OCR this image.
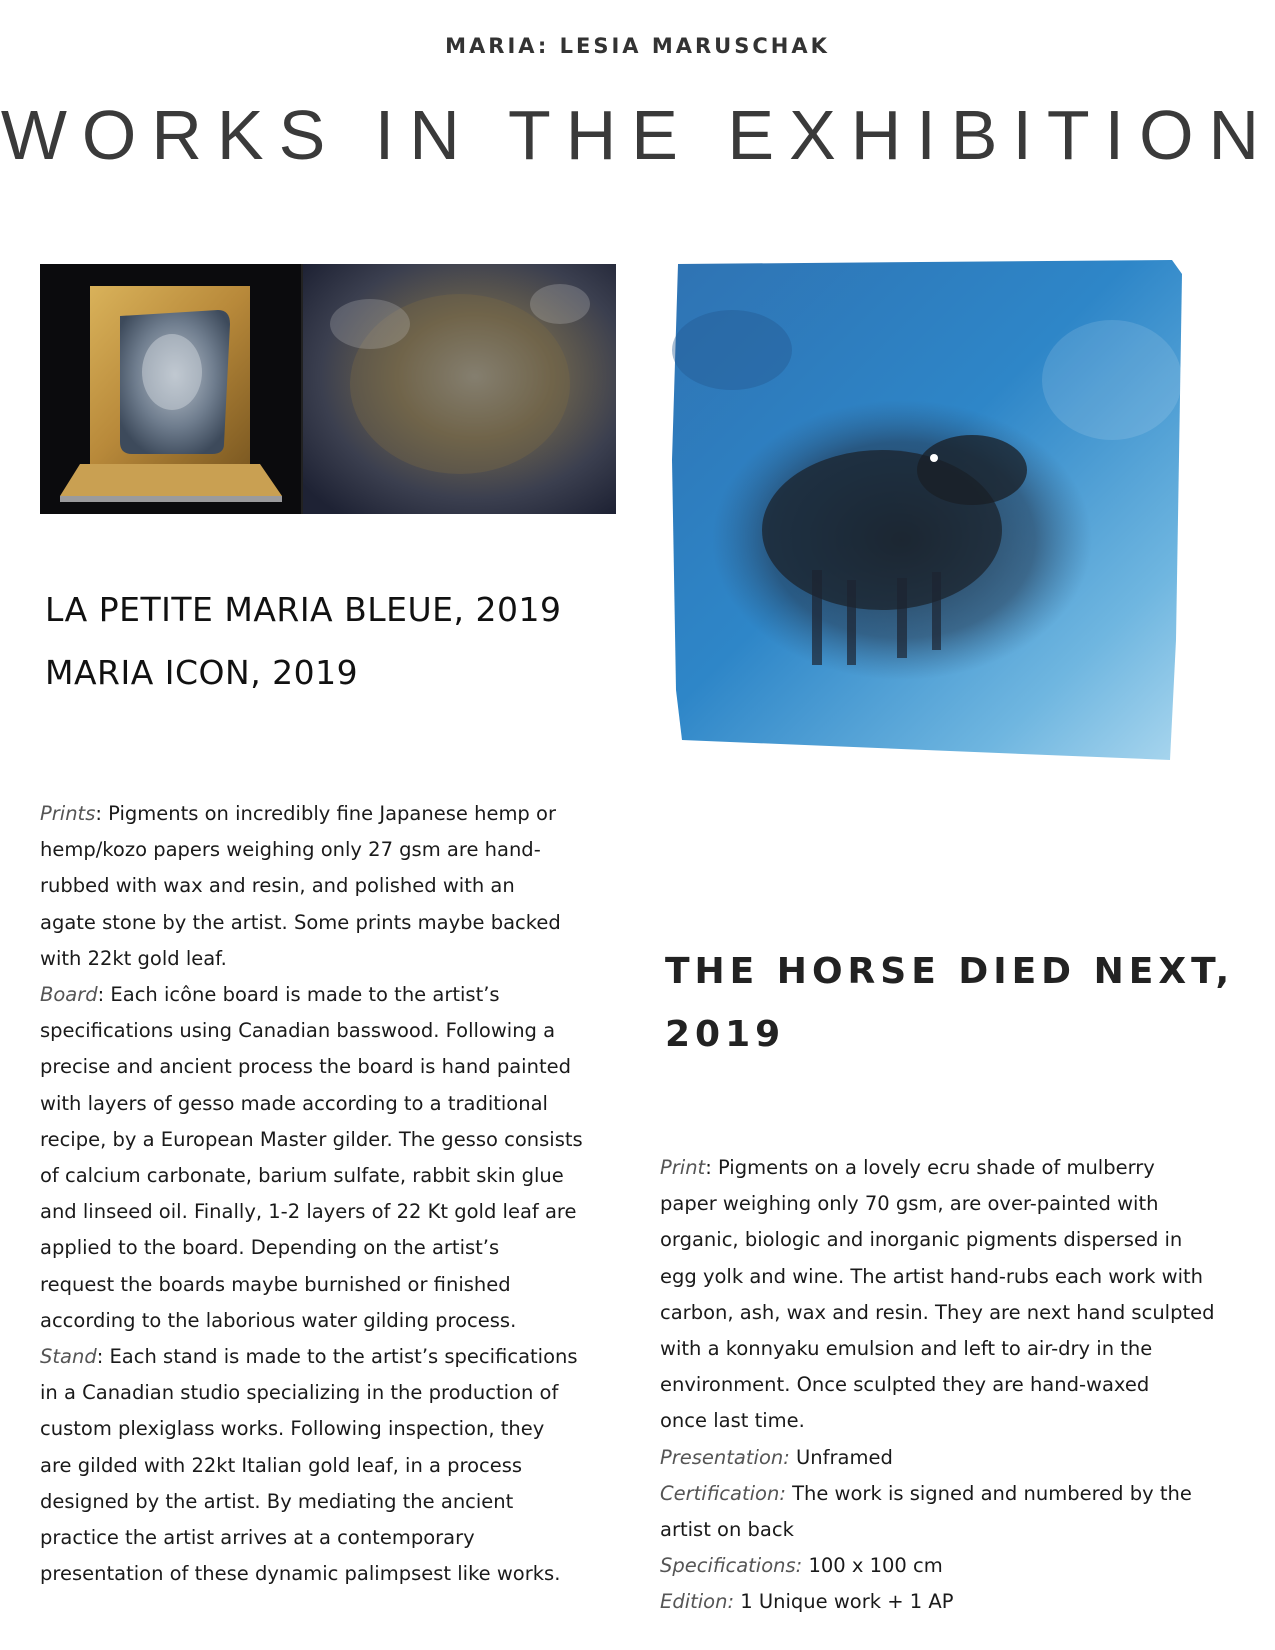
MARIA: LESIA MARUSCHAK
WORKS IN THE EXHIBITION
LA PETITE MARIA BLEUE, 2019
MARIA ICON, 2019
THE HORSE DIED NEXT,
2019
Prints: Pigments on incredibly fine Japanese hemp or
hemp/kozo papers weighing only 27 gsm are hand-
rubbed with wax and resin, and polished with an
agate stone by the artist. Some prints maybe backed
with 22kt gold leaf.
Board: Each icône board is made to the artist’s
specifications using Canadian basswood. Following a
precise and ancient process the board is hand painted
with layers of gesso made according to a traditional
recipe, by a European Master gilder. The gesso consists
of calcium carbonate, barium sulfate, rabbit skin glue
and linseed oil. Finally, 1-2 layers of 22 Kt gold leaf are
applied to the board. Depending on the artist’s
request the boards maybe burnished or finished
according to the laborious water gilding process.
Stand: Each stand is made to the artist’s specifications
in a Canadian studio specializing in the production of
custom plexiglass works. Following inspection, they
are gilded with 22kt Italian gold leaf, in a process
designed by the artist. By mediating the ancient
practice the artist arrives at a contemporary
presentation of these dynamic palimpsest like works.
Print: Pigments on a lovely ecru shade of mulberry
paper weighing only 70 gsm, are over-painted with
organic, biologic and inorganic pigments dispersed in
egg yolk and wine. The artist hand-rubs each work with
carbon, ash, wax and resin. They are next hand sculpted
with a konnyaku emulsion and left to air-dry in the
environment. Once sculpted they are hand-waxed
once last time.
Presentation: Unframed
Certification: The work is signed and numbered by the
artist on back
Specifications: 100 x 100 cm
Edition: 1 Unique work + 1 AP
